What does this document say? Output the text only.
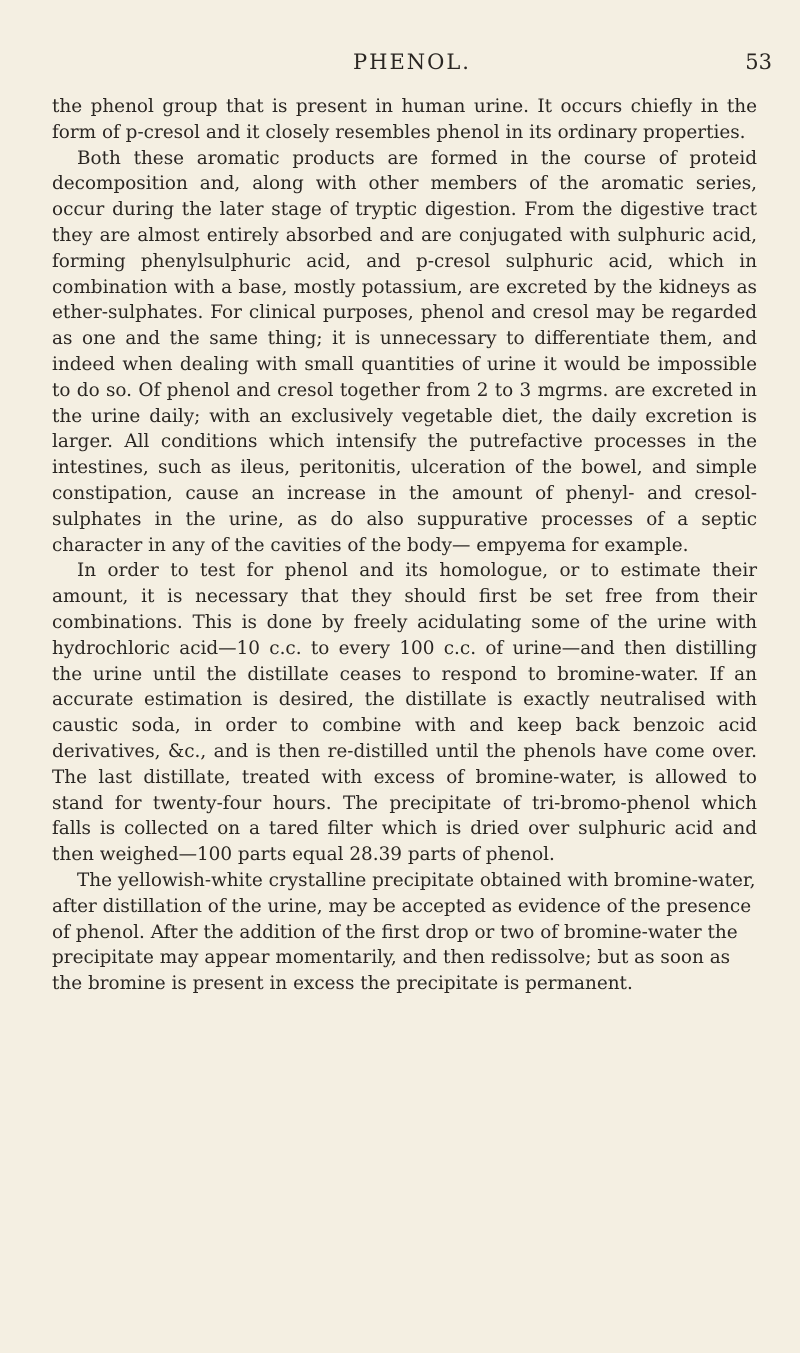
PHENOL.	53

the phenol group that is present in human urine. It occurs chiefly in the form of p-cresol and it closely resembles phenol in its ordinary properties.

Both these aromatic products are formed in the course of proteid decomposition and, along with other members of the aromatic series, occur during the later stage of tryptic digestion. From the digestive tract they are almost entirely absorbed and are conjugated with sulphuric acid, forming phenylsulphuric acid, and p-cresol sulphuric acid, which in combination with a base, mostly potassium, are excreted by the kidneys as ether-sulphates. For clinical purposes, phenol and cresol may be regarded as one and the same thing; it is unnecessary to differentiate them, and indeed when dealing with small quantities of urine it would be impossible to do so. Of phenol and cresol together from 2 to 3 mgrms. are excreted in the urine daily; with an exclusively vegetable diet, the daily excretion is larger. All conditions which intensify the putrefactive processes in the intestines, such as ileus, peritonitis, ulceration of the bowel, and simple constipation, cause an increase in the amount of phenyl- and cresol-sulphates in the urine, as do also suppurative processes of a septic character in any of the cavities of the body— empyema for example.

In order to test for phenol and its homologue, or to estimate their amount, it is necessary that they should first be set free from their combinations. This is done by freely acidulating some of the urine with hydrochloric acid—10 c.c. to every 100 c.c. of urine—and then distilling the urine until the distillate ceases to respond to bromine-water. If an accurate estimation is desired, the distillate is exactly neutralised with caustic soda, in order to combine with and keep back benzoic acid derivatives, &c., and is then re-distilled until the phenols have come over. The last distillate, treated with excess of bromine-water, is allowed to stand for twenty-four hours. The precipitate of tri-bromo-phenol which falls is collected on a tared filter which is dried over sulphuric acid and then weighed—100 parts equal 28.39 parts of phenol.

The yellowish-white crystalline precipitate obtained with bromine-water, after distillation of the urine, may be accepted as evidence of the presence of phenol. After the addition of the first drop or two of bromine-water the precipitate may appear momentarily, and then redissolve; but as soon as the bromine is present in excess the precipitate is permanent.
